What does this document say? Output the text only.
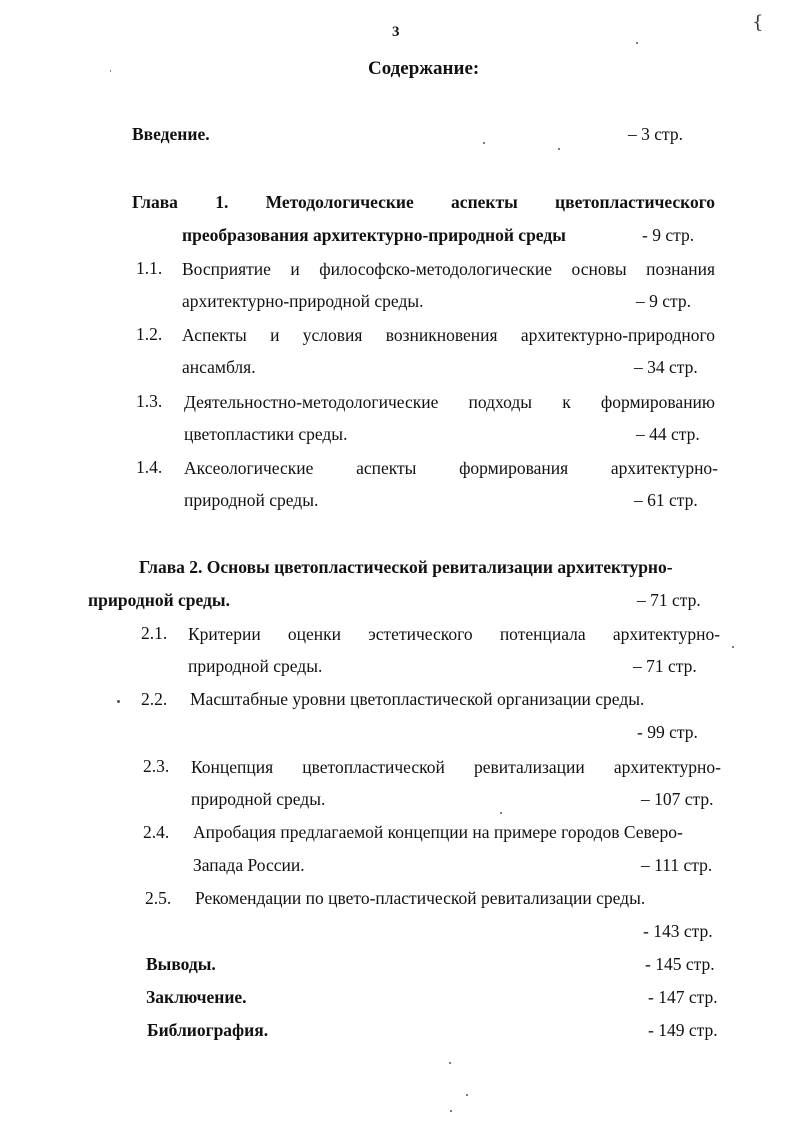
3	{
Содержание:
Введение.	– 3 стр.
Глава 1. Методологические аспекты цветопластического
преобразования архитектурно-природной среды	- 9 стр.
1.1. Восприятие и философско-методологические основы познания
архитектурно-природной среды.	– 9 стр.
1.2. Аспекты и условия возникновения архитектурно-природного
ансамбля.	– 34 стр.
1.3. Деятельностно-методологические подходы к формированию
цветопластики среды.	– 44 стр.
1.4. Аксеологические аспекты формирования архитектурно-
природной среды.	– 61 стр.
Глава 2. Основы цветопластической ревитализации архитектурно-
природной среды.	– 71 стр.
2.1. Критерии оценки эстетического потенциала архитектурно-
природной среды.	– 71 стр.
2.2. Масштабные уровни цветопластической организации среды.
- 99 стр.
2.3. Концепция цветопластической ревитализации архитектурно-
природной среды.	– 107 стр.
2.4. Апробация предлагаемой концепции на примере городов Северо-
Запада России.	– 111 стр.
2.5. Рекомендации по цвето-пластической ревитализации среды.
- 143 стр.
Выводы.	- 145 стр.
Заключение.	- 147 стр.
Библиография.	- 149 стр.
